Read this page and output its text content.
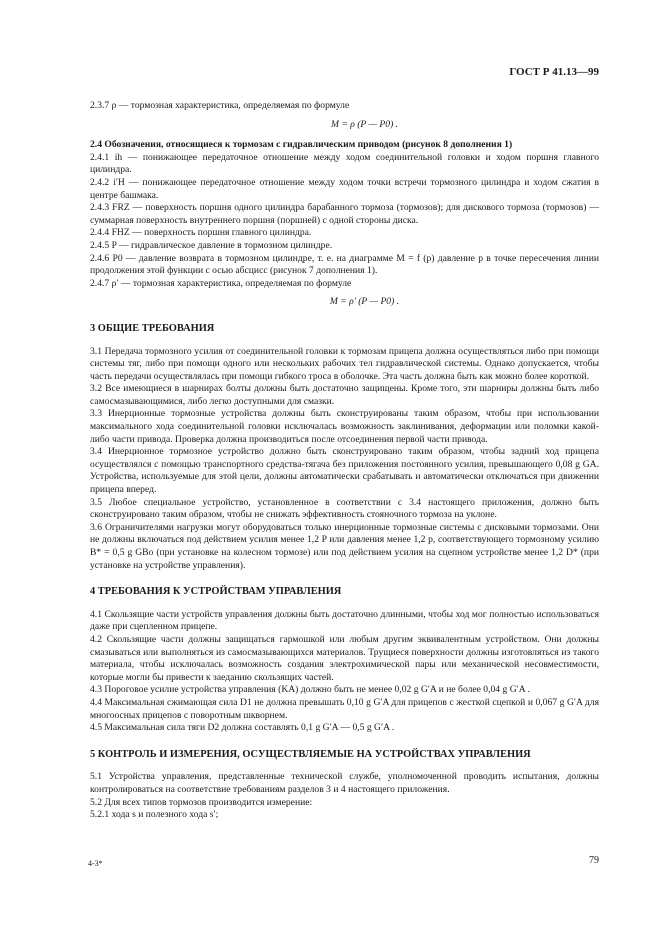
ГОСТ Р 41.13—99

2.3.7 ρ — тормозная характеристика, определяемая по формуле

M = ρ (P — P0) .

2.4 Обозначения, относящиеся к тормозам с гидравлическим приводом (рисунок 8 дополнения 1)

2.4.1 ih — понижающее передаточное отношение между ходом соединительной головки и ходом поршня главного цилиндра.

2.4.2 i′H — понижающее передаточное отношение между ходом точки встречи тормозного цилиндра и ходом сжатия в центре башмака.

2.4.3 FRZ — поверхность поршня одного цилиндра барабанного тормоза (тормозов); для дискового тормоза (тормозов) — суммарная поверхность внутреннего поршня (поршней) с одной стороны диска.

2.4.4 FHZ — поверхность поршня главного цилиндра.

2.4.5 P — гидравлическое давление в тормозном цилиндре.

2.4.6 P0 — давление возврата в тормозном цилиндре, т. е. на диаграмме M = f (p) давление p в точке пересечения линии продолжения этой функции с осью абсцисс (рисунок 7 дополнения 1).

2.4.7 ρ′ — тормозная характеристика, определяемая по формуле

M = ρ′ (P — P0) .
3 ОБЩИЕ ТРЕБОВАНИЯ

3.1 Передача тормозного усилия от соединительной головки к тормозам прицепа должна осуществляться либо при помощи системы тяг, либо при помощи одного или нескольких рабочих тел гидравлической системы. Однако допускается, чтобы часть передачи осуществлялась при помощи гибкого троса в оболочке. Эта часть должна быть как можно более короткой.

3.2 Все имеющиеся в шарнирах болты должны быть достаточно защищены. Кроме того, эти шарниры должны быть либо самосмазывающимися, либо легко доступными для смазки.

3.3 Инерционные тормозные устройства должны быть сконструированы таким образом, чтобы при использовании максимального хода соединительной головки исключалась возможность заклинивания, деформации или поломки какой-либо части привода. Проверка должна производиться после отсоединения первой части привода.

3.4 Инерционное тормозное устройство должно быть сконструировано таким образом, чтобы задний ход прицепа осуществлялся с помощью транспортного средства-тягача без приложения постоянного усилия, превышающего 0,08 g GA. Устройства, используемые для этой цели, должны автоматически срабатывать и автоматически отключаться при движении прицепа вперед.

3.5 Любое специальное устройство, установленное в соответствии с 3.4 настоящего приложения, должно быть сконструировано таким образом, чтобы не снижать эффективность стояночного тормоза на уклоне.

3.6 Ограничителями нагрузки могут оборудоваться только инерционные тормозные системы с дисковыми тормозами. Они не должны включаться под действием усилия менее 1,2 P или давления менее 1,2 p, соответствующего тормозному усилию B* = 0,5 g GBo (при установке на колесном тормозе) или под действием усилия на сцепном устройстве менее 1,2 D* (при установке на устройстве управления).

4 ТРЕБОВАНИЯ К УСТРОЙСТВАМ УПРАВЛЕНИЯ

4.1 Скользящие части устройств управления должны быть достаточно длинными, чтобы ход мог полностью использоваться даже при сцепленном прицепе.

4.2 Скользящие части должны защищаться гармошкой или любым другим эквивалентным устройством. Они должны смазываться или выполняться из самосмазывающихся материалов. Трущиеся поверхности должны изготовляться из такого материала, чтобы исключалась возможность создания электрохимической пары или механической несовместимости, которые могли бы привести к заеданию скользящих частей.

4.3 Пороговое усилие устройства управления (KA) должно быть не менее 0,02 g G′A и не более 0,04 g G′A .

4.4 Максимальная сжимающая сила D1 не должна превышать 0,10 g G′A для прицепов с жесткой сцепкой и 0,067 g G′A для многоосных прицепов с поворотным шкворнем.

4.5 Максимальная сила тяги D2 должна составлять 0,1 g G′A — 0,5 g G′A .

5 КОНТРОЛЬ И ИЗМЕРЕНИЯ, ОСУЩЕСТВЛЯЕМЫЕ НА УСТРОЙСТВАХ УПРАВЛЕНИЯ

5.1 Устройства управления, представленные технической службе, уполномоченной проводить испытания, должны контролироваться на соответствие требованиям разделов 3 и 4 настоящего приложения.

5.2 Для всех типов тормозов производится измерение:

5.2.1 хода s и полезного хода s′;

4-3*	79
